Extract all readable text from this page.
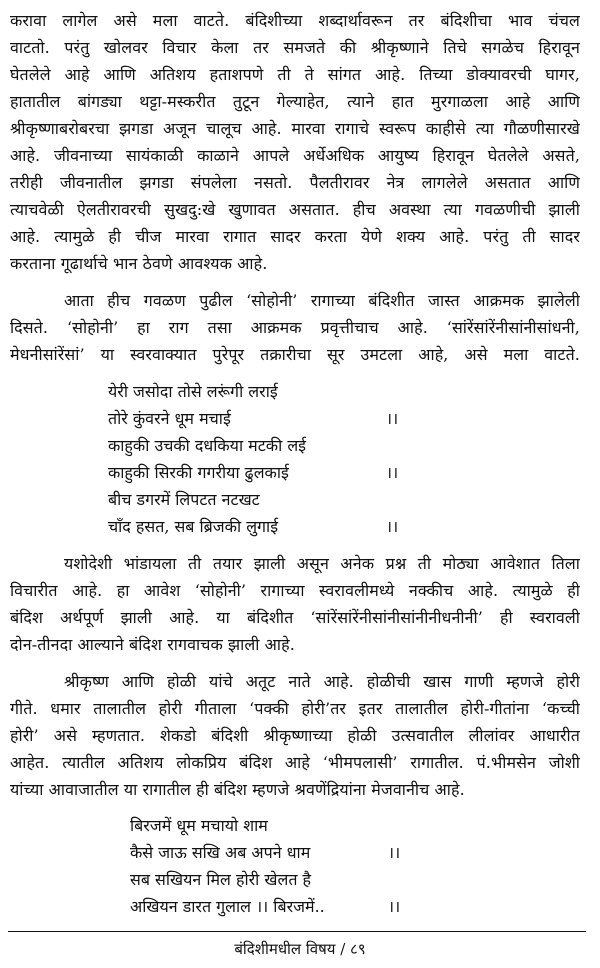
करावा लागेल असे मला वाटते. बंदिशीच्या शब्दार्थावरून तर बंदिशीचा भाव चंचल
वाटतो. परंतु खोलवर विचार केला तर समजते की श्रीकृष्णाने तिचे सगळेच हिरावून
घेतलेले आहे आणि अतिशय हताशपणे ती ते सांगत आहे. तिच्या डोक्यावरची घागर,
हातातील बांगड्या थट्टा-मस्करीत तुटून गेल्याहेत, त्याने हात मुरगाळला आहे आणि
श्रीकृष्णाबरोबरचा झगडा अजून चालूच आहे. मारवा रागाचे स्वरूप काहीसे त्या गौळणीसारखे
आहे. जीवनाच्या सायंकाळी काळाने आपले अर्धेअधिक आयुष्य हिरावून घेतलेले असते,
तरीही जीवनातील झगडा संपलेला नसतो. पैलतीरावर नेत्र लागलेले असतात आणि
त्याचवेळी ऐलतीरावरची सुखदु:खे खुणावत असतात. हीच अवस्था त्या गवळणीची झाली
आहे. त्यामुळे ही चीज मारवा रागात सादर करता येणे शक्य आहे. परंतु ती सादर
करताना गूढार्थाचे भान ठेवणे आवश्यक आहे.
आता हीच गवळण पुढील ‘सोहोनी’ रागाच्या बंदिशीत जास्त आक्रमक झालेली
दिसते. ‘सोहोनी’ हा राग तसा आक्रमक प्रवृत्तीचाच आहे. ‘सांरेंसांरेंनीसांनीसांधनी,
मेधनीसांरेंसां’ या स्वरवाक्यात पुरेपूर तक्रारीचा सूर उमटला आहे, असे मला वाटते.
येरी जसोदा तोसे लरूंगी लराई
तोरे कुंवरने धूम मचाई	।।
काहुकी उचकी दधकिया मटकी लई
काहुकी सिरकी गगरीया ढुलकाई	।।
बीच डगरमें लिपटत नटखट
चाँद हसत, सब ब्रिजकी लुगाई	।।
यशोदेशी भांडायला ती तयार झाली असून अनेक प्रश्न ती मोठ्या आवेशात तिला
विचारीत आहे. हा आवेश ‘सोहोनी’ रागाच्या स्वरावलीमध्ये नक्कीच आहे. त्यामुळे ही
बंदिश अर्थपूर्ण झाली आहे. या बंदिशीत ‘सांरेंसांरेंनीसांनीसांनीनीधनीनी’ ही स्वरावली
दोन-तीनदा आल्याने बंदिश रागवाचक झाली आहे.
श्रीकृष्ण आणि होळी यांचे अतूट नाते आहे. होळीची खास गाणी म्हणजे होरी
गीते. धमार तालातील होरी गीताला ‘पक्की होरी’तर इतर तालातील होरी-गीतांना ‘कच्ची
होरी’ असे म्हणतात. शेकडो बंदिशी श्रीकृष्णाच्या होळी उत्सवातील लीलांवर आधारीत
आहेत. त्यातील अतिशय लोकप्रिय बंदिश आहे ‘भीमपलासी’ रागातील. पं.भीमसेन जोशी
यांच्या आवाजातील या रागातील ही बंदिश म्हणजे श्रवणेंद्रियांना मेजवानीच आहे.
बिरजमें धूम मचायो शाम
कैसे जाऊ सखि अब अपने धाम	।।
सब सखियन मिल होरी खेलत है
अखियन डारत गुलाल ।। बिरजमें..	।।
बंदिशीमधील विषय / ८९
